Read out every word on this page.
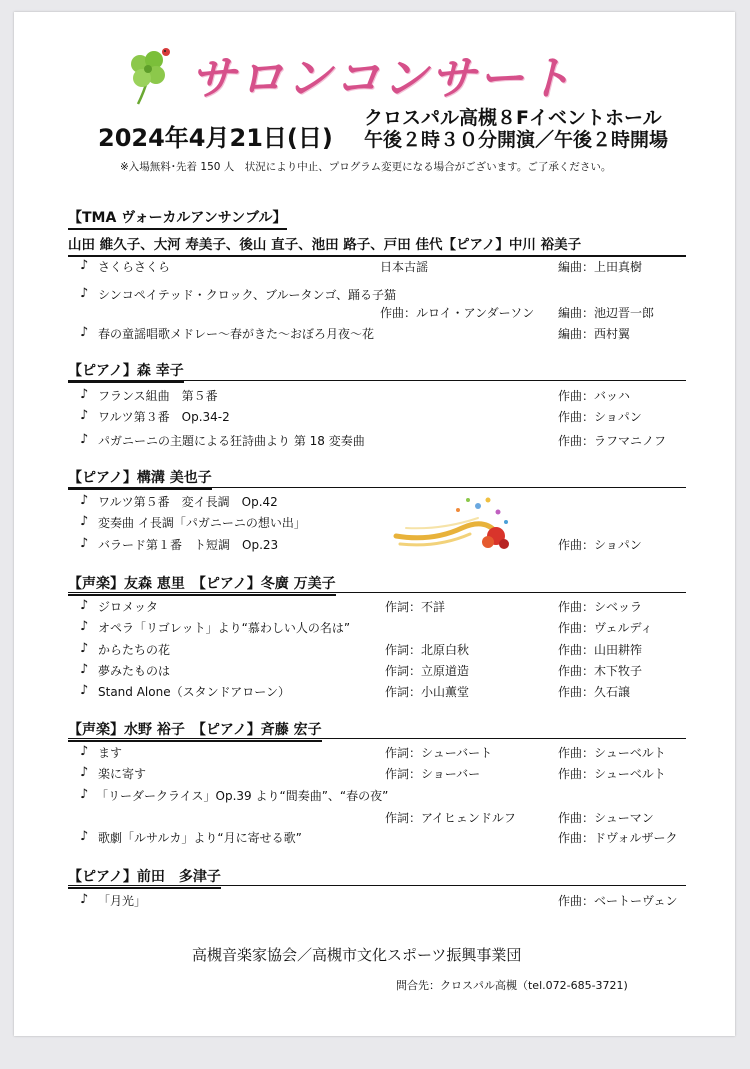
サロンコンサート
2024年4月21日(日)
クロスパル高槻８Fイベントホール
午後２時３０分開演／午後２時開場
※入場無料･先着 150 人　状況により中止、プログラム変更になる場合がございます。ご了承ください。
【TMA ヴォーカルアンサンブル】
山田 維久子、大河 寿美子、後山 直子、池田 路子、戸田 佳代【ピアノ】中川 裕美子
♪ さくらさくら	日本古謡	編曲：上田真樹
♪ シンコペイテッド・クロック、ブルータンゴ、踊る子猫
作曲：ルロイ・アンダーソン 編曲：池辺晋一郎
♪ 春の童謡唱歌メドレー～春がきた～おぼろ月夜～花	編曲：西村翼
【ピアノ】森 幸子
♪ フランス組曲　第５番	作曲：バッハ
♪ ワルツ第３番　Op.34-2	作曲：ショパン
♪ パガニーニの主題による狂詩曲より 第 18 変奏曲	作曲：ラフマニノフ
【ピアノ】構溝 美也子
♪ ワルツ第５番　変イ長調　Op.42
♪ 変奏曲 イ長調「パガニーニの想い出」
♪ バラード第１番　ト短調　Op.23	作曲：ショパン
【声楽】友森 恵里　【ピアノ】冬廣 万美子
♪ ジロメッタ	作詞：不詳	作曲：シベッラ
♪ オペラ「リゴレット」より“慕わしい人の名は”	作曲：ヴェルディ
♪ からたちの花	作詞：北原白秋	作曲：山田耕筰
♪ 夢みたものは	作詞：立原道造	作曲：木下牧子
♪ Stand Alone（スタンドアローン）	作詞：小山薫堂	作曲：久石譲
【声楽】水野 裕子　【ピアノ】斉藤 宏子
♪ ます	作詞：シューバート	作曲：シューベルト
♪ 楽に寄す	作詞：ショーバー	作曲：シューベルト
♪ 「リーダークライス」Op.39 より“間奏曲”、“春の夜”
作詞：アイヒェンドルフ	作曲：シューマン
♪ 歌劇「ルサルカ」より“月に寄せる歌”	作曲：ドヴォルザーク
【ピアノ】前田　多津子
♪ 「月光」	作曲：ベートーヴェン
高槻音楽家協会／高槻市文化スポーツ振興事業団
問合先：クロスパル高槻（tel.072-685-3721)
